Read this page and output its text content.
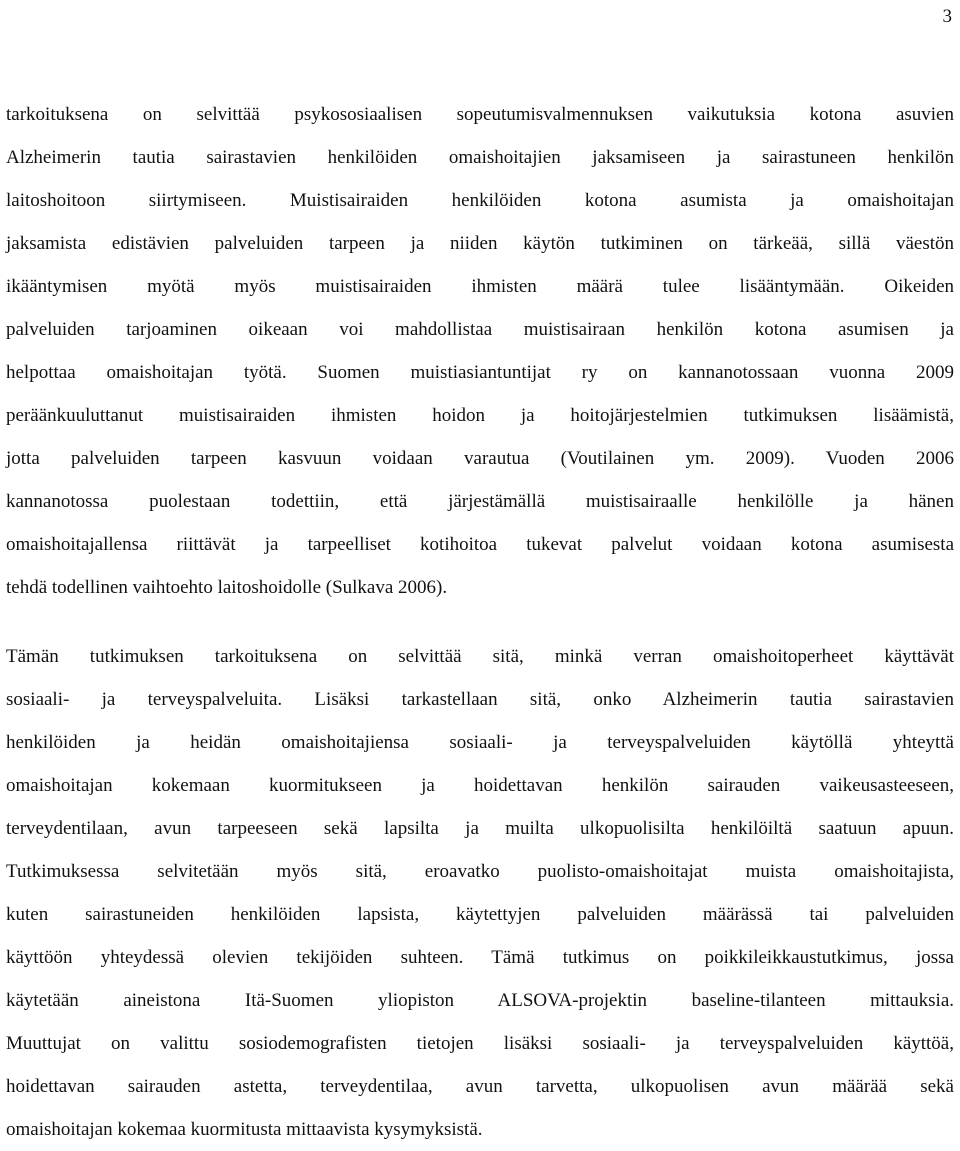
3
tarkoituksena on selvittää psykososiaalisen sopeutumisvalmennuksen vaikutuksia kotona asuvien
Alzheimerin tautia sairastavien henkilöiden omaishoitajien jaksamiseen ja sairastuneen henkilön
laitoshoitoon siirtymiseen. Muistisairaiden henkilöiden kotona asumista ja omaishoitajan
jaksamista edistävien palveluiden tarpeen ja niiden käytön tutkiminen on tärkeää, sillä väestön
ikääntymisen myötä myös muistisairaiden ihmisten määrä tulee lisääntymään. Oikeiden
palveluiden tarjoaminen oikeaan voi mahdollistaa muistisairaan henkilön kotona asumisen ja
helpottaa omaishoitajan työtä. Suomen muistiasiantuntijat ry on kannanotossaan vuonna 2009
peräänkuuluttanut muistisairaiden ihmisten hoidon ja hoitojärjestelmien tutkimuksen lisäämistä,
jotta palveluiden tarpeen kasvuun voidaan varautua (Voutilainen ym. 2009). Vuoden 2006
kannanotossa puolestaan todettiin, että järjestämällä muistisairaalle henkilölle ja hänen
omaishoitajallensa riittävät ja tarpeelliset kotihoitoa tukevat palvelut voidaan kotona asumisesta
tehdä todellinen vaihtoehto laitoshoidolle (Sulkava 2006).
Tämän tutkimuksen tarkoituksena on selvittää sitä, minkä verran omaishoitoperheet käyttävät
sosiaali- ja terveyspalveluita. Lisäksi tarkastellaan sitä, onko Alzheimerin tautia sairastavien
henkilöiden ja heidän omaishoitajiensa sosiaali- ja terveyspalveluiden käytöllä yhteyttä
omaishoitajan kokemaan kuormitukseen ja hoidettavan henkilön sairauden vaikeusasteeseen,
terveydentilaan, avun tarpeeseen sekä lapsilta ja muilta ulkopuolisilta henkilöiltä saatuun apuun.
Tutkimuksessa selvitetään myös sitä, eroavatko puolisto-omaishoitajat muista omaishoitajista,
kuten sairastuneiden henkilöiden lapsista, käytettyjen palveluiden määrässä tai palveluiden
käyttöön yhteydessä olevien tekijöiden suhteen. Tämä tutkimus on poikkileikkaustutkimus, jossa
käytetään aineistona Itä-Suomen yliopiston ALSOVA-projektin baseline-tilanteen mittauksia.
Muuttujat on valittu sosiodemografisten tietojen lisäksi sosiaali- ja terveyspalveluiden käyttöä,
hoidettavan sairauden astetta, terveydentilaa, avun tarvetta, ulkopuolisen avun määrää sekä
omaishoitajan kokemaa kuormitusta mittaavista kysymyksistä.
